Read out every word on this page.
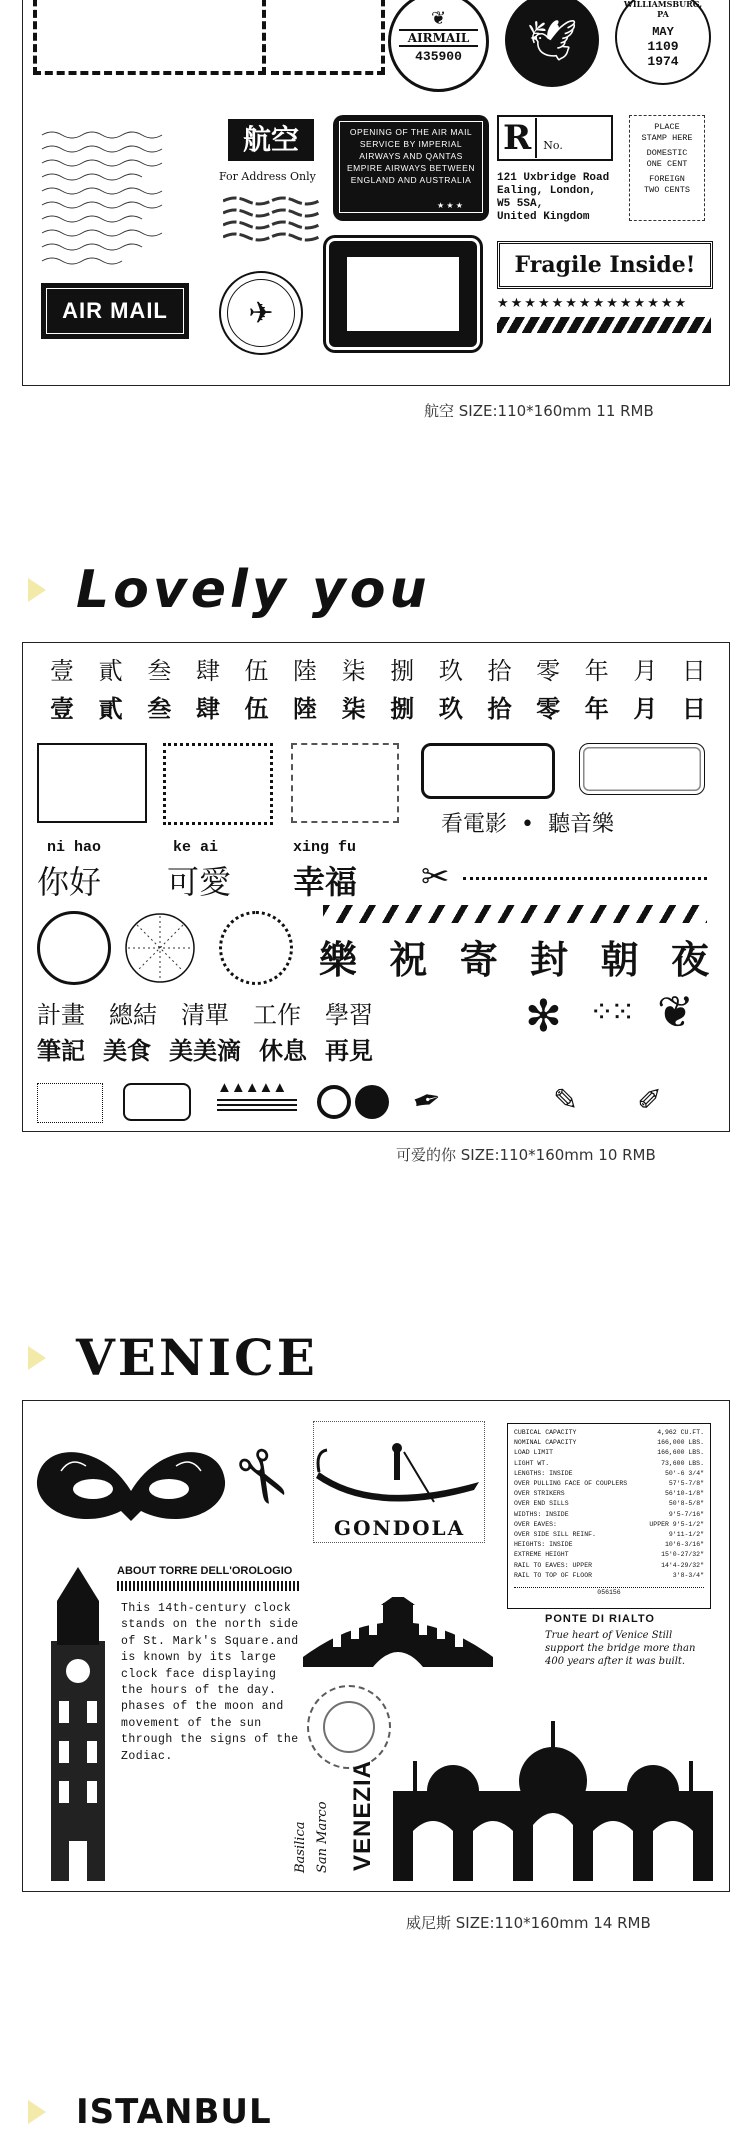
❦
AIRMAIL
435900	🕊
WILLIAMSBURG, PA
MAY
1109
1974
航空
For Address Only
OPENING OF THE AIR MAIL SERVICE BY IMPERIAL AIRWAYS AND QANTAS EMPIRE AIRWAYS BETWEEN ENGLAND AND AUSTRALIA
★ ★ ★
R	No.
121 Uxbridge Road
Ealing, London,
W5 5SA,
United Kingdom
PLACE
STAMP HERE
DOMESTIC
ONE CENT
FOREIGN
TWO CENTS
Fragile Inside!
★★★★★★★★★★★★★★
AIR MAIL	✈
航空 SIZE:110*160mm 11 RMB
Lovely you
壹 貳 叁 肆 伍 陸 柒 捌 玖 拾 零 年 月 日
壹 貳 叁 肆 伍 陸 柒 捌 玖 拾 零 年 月 日
看電影  •  聽音樂
ni hao
你好
ke ai
可愛
xing fu
幸福 ✂
樂 祝 寄 封 朝 夜
計畫 總結 清單 工作 學習
筆記 美食 美美滴 休息 再見
✻ ⁘⁙ ❦
▲▲▲▲▲	✒	✎ ✐
可爱的你 SIZE:110*160mm 10 RMB
VENICE
✂
GONDOLA
CUBICAL CAPACITY	4,962 CU.FT.
NOMINAL CAPACITY	166,000 LBS.
LOAD LIMIT	166,600 LBS.
LIGHT WT.	73,600 LBS.
LENGTHS: INSIDE	50'-6 3/4"
OVER PULLING FACE OF COUPLERS	57'5-7/8"
OVER STRIKERS	56'10-1/8"
OVER END SILLS	50'8-5/8"
WIDTHS: INSIDE	9'5-7/16"
OVER EAVES:	UPPER 9'5-1/2"
OVER SIDE SILL REINF.	9'11-1/2"
HEIGHTS: INSIDE	10'6-3/16"
EXTREME HEIGHT	15'0-27/32"
RAIL TO EAVES: UPPER	14'4-29/32"
RAIL TO TOP OF FLOOR	3'8-3/4"
056156
ABOUT TORRE DELL'OROLOGIO
This 14th-century clock stands on the north side of St. Mark's Square.and is known by its large clock face displaying the hours of the day. phases of the moon and movement of the sun through the signs of the Zodiac.
PONTE DI RIALTO
True heart of Venice Still support the bridge more than 400 years after it was built.
Basilica San Marco VENEZIA
威尼斯 SIZE:110*160mm 14 RMB
ISTANBUL
